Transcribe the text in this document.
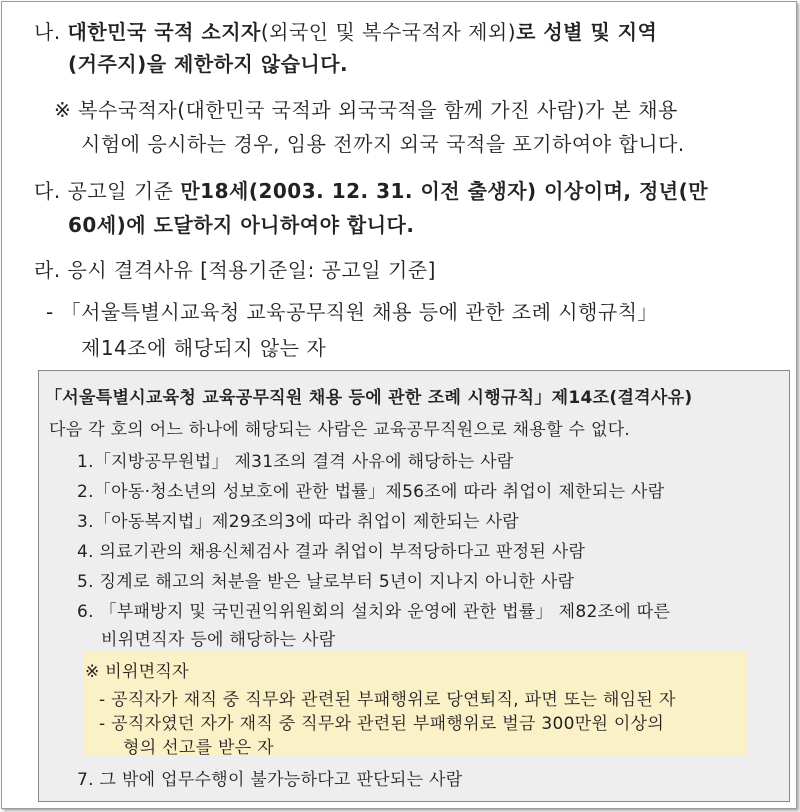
나. 대한민국 국적 소지자(외국인 및 복수국적자 제외)로 성별 및 지역
(거주지)을 제한하지 않습니다.
※ 복수국적자(대한민국 국적과 외국국적을 함께 가진 사람)가 본 채용
시험에 응시하는 경우, 임용 전까지 외국 국적을 포기하여야 합니다.
다. 공고일 기준 만18세(2003. 12. 31. 이전 출생자) 이상이며, 정년(만
60세)에 도달하지 아니하여야 합니다.
라. 응시 결격사유 [적용기준일: 공고일 기준]
- 「서울특별시교육청 교육공무직원 채용 등에 관한 조례 시행규칙」
제14조에 해당되지 않는 자
「서울특별시교육청 교육공무직원 채용 등에 관한 조례 시행규칙」제14조(결격사유)
다음 각 호의 어느 하나에 해당되는 사람은 교육공무직원으로 채용할 수 없다.
1.「지방공무원법」 제31조의 결격 사유에 해당하는 사람
2.「아동·청소년의 성보호에 관한 법률」제56조에 따라 취업이 제한되는 사람
3.「아동복지법」제29조의3에 따라 취업이 제한되는 사람
4. 의료기관의 채용신체검사 결과 취업이 부적당하다고 판정된 사람
5. 징계로 해고의 처분을 받은 날로부터 5년이 지나지 아니한 사람
6. 「부패방지 및 국민권익위원회의 설치와 운영에 관한 법률」 제82조에 따른
비위면직자 등에 해당하는 사람
※ 비위면직자
- 공직자가 재직 중 직무와 관련된 부패행위로 당연퇴직, 파면 또는 해임된 자
- 공직자였던 자가 재직 중 직무와 관련된 부패행위로 벌금 300만원 이상의
형의 선고를 받은 자
7. 그 밖에 업무수행이 불가능하다고 판단되는 사람
